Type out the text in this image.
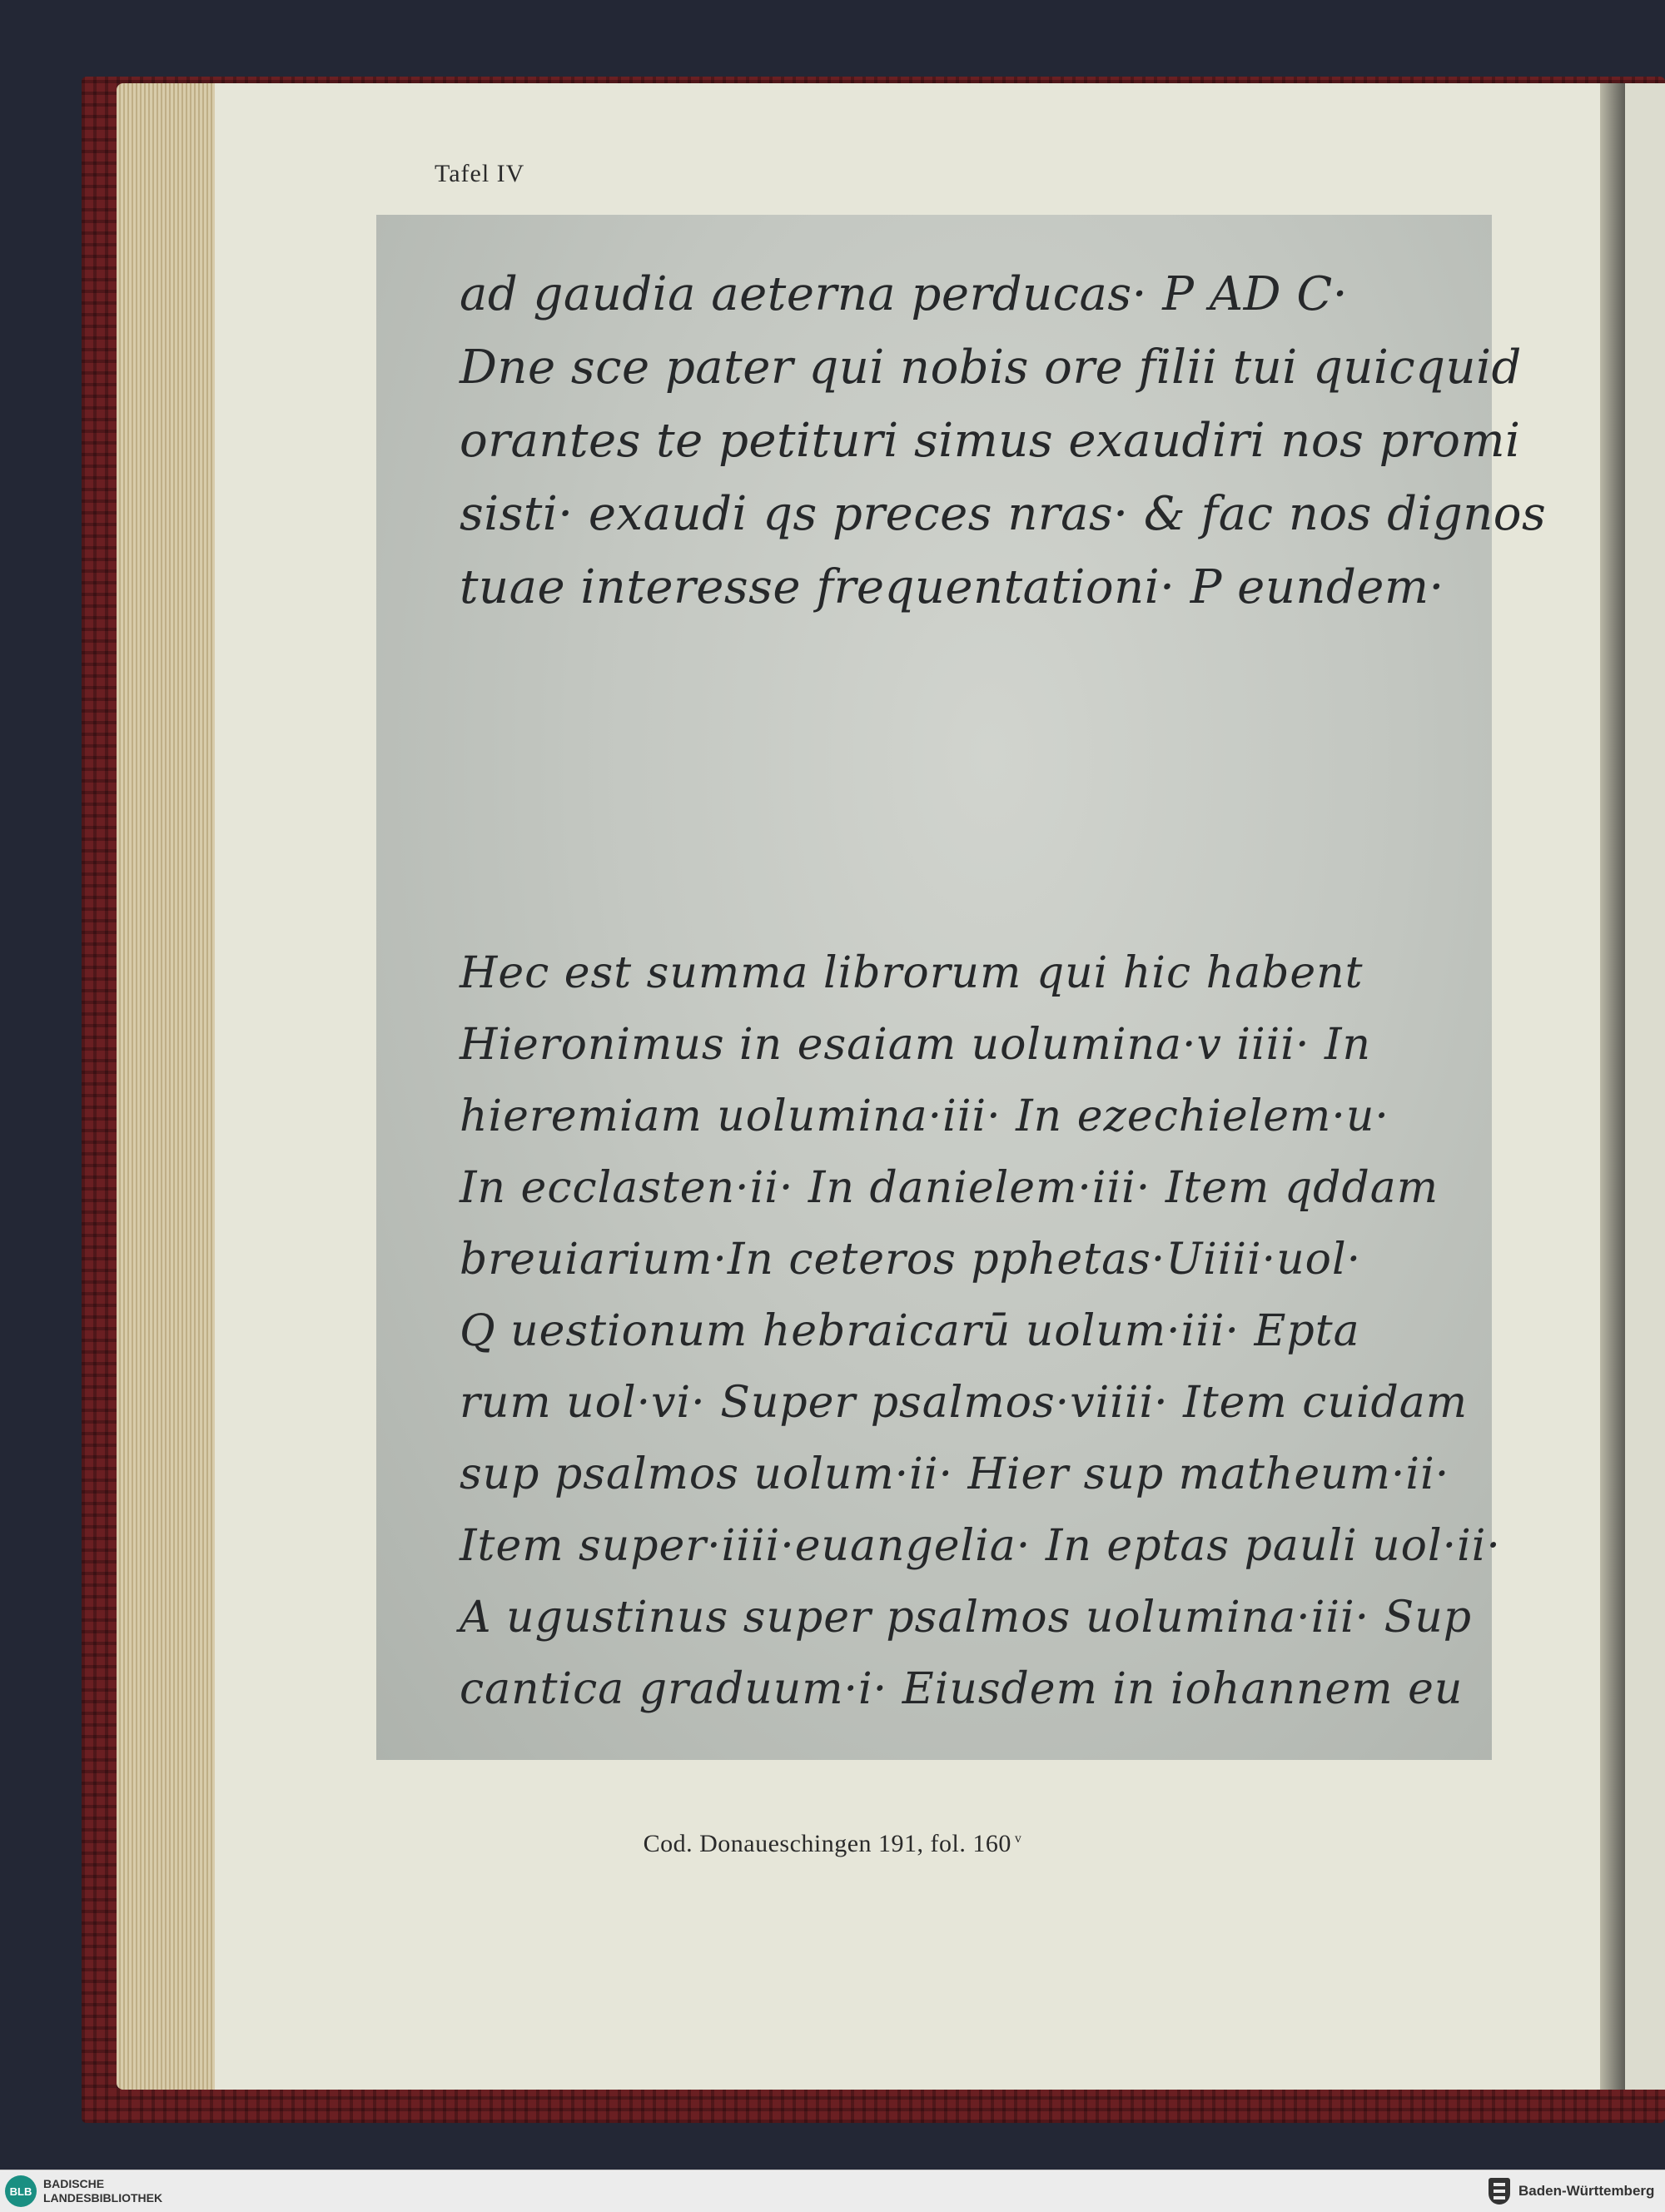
Tafel IV
ad gaudia aeterna perducas· P AD C·
Dne sce pater qui nobis ore filii tui quicquid
orantes te petituri simus exaudiri nos promi
sisti· exaudi qs preces nras· & fac nos dignos
tuae interesse frequentationi· P eundem·
Hec est summa librorum qui hic habent
Hieronimus in esaiam uolumina·v iiii· In
hieremiam uolumina·iii· In ezechielem·u·
In ecclasten·ii· In danielem·iii· Item qddam
breuiarium·In ceteros pphetas·Uiiii·uol·
Q uestionum hebraicarū uolum·iii· Epta
rum uol·vi· Super psalmos·viiii· Item cuidam
sup psalmos uolum·ii· Hier sup matheum·ii·
Item super·iiii·euangelia· In eptas pauli uol·ii·
A ugustinus super psalmos uolumina·iii· Sup
cantica graduum·i· Eiusdem in iohannem eu
Cod. Donaueschingen 191, fol. 160 $^v$
BLB
BADISCHE
LANDESBIBLIOTHEK	Baden-Württemberg
